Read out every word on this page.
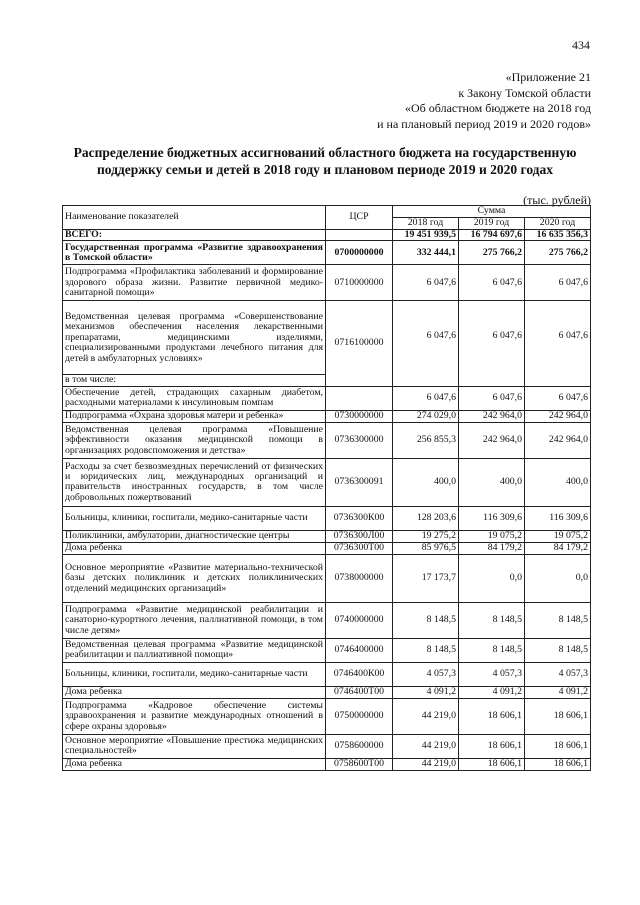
434
«Приложение 21
к Закону Томской области
«Об областном бюджете на 2018 год
и на плановый период 2019 и 2020 годов»
Распределение бюджетных ассигнований областного бюджета на государственную
поддержку семьи и детей в 2018 году и плановом периоде 2019 и 2020 годах
(тыс. рублей)
Наименование показателей	ЦСР	Сумма		
		2018 год	2019 год	2020 год
ВСЕГО:		19 451 939,5	16 794 697,6	16 635 356,3
Государственная программа «Развитие здравоохранения в Томской области»	0700000000	332 444,1	275 766,2	275 766,2
Подпрограмма «Профилактика заболеваний и формирование здорового образа жизни. Развитие первичной медико-санитарной помощи»	0710000000	6 047,6	6 047,6	6 047,6
Ведомственная целевая программа «Совершенствование механизмов обеспечения населения лекарственными препаратами, медицинскими изделиями, специализированными продуктами лечебного питания для детей в амбулаторных условиях»	0716100000	6 047,6	6 047,6	6 047,6
в том числе:				
Обеспечение детей, страдающих сахарным диабетом, расходными материалами к инсулиновым помпам		6 047,6	6 047,6	6 047,6
Подпрограмма «Охрана здоровья матери и ребенка»	0730000000	274 029,0	242 964,0	242 964,0
Ведомственная целевая программа «Повышение эффективности оказания медицинской помощи в организациях родовспоможения и детства»	0736300000	256 855,3	242 964,0	242 964,0
Расходы за счет безвозмездных перечислений от физических и юридических лиц, международных организаций и правительств иностранных государств, в том числе добровольных пожертвований	0736300091	400,0	400,0	400,0
Больницы, клиники, госпитали, медико-санитарные части	0736300К00	128 203,6	116 309,6	116 309,6
Поликлиники, амбулатории, диагностические центры	0736300Л00	19 275,2	19 075,2	19 075,2
Дома ребенка	0736300Т00	85 976,5	84 179,2	84 179,2
Основное мероприятие «Развитие материально-технической базы детских поликлиник и детских поликлинических отделений медицинских организаций»	0738000000	17 173,7	0,0	0,0
Подпрограмма «Развитие медицинской реабилитации и санаторно-курортного лечения, паллиативной помощи, в том числе детям»	0740000000	8 148,5	8 148,5	8 148,5
Ведомственная целевая программа «Развитие медицинской реабилитации и паллиативной помощи»	0746400000	8 148,5	8 148,5	8 148,5
Больницы, клиники, госпитали, медико-санитарные части	0746400К00	4 057,3	4 057,3	4 057,3
Дома ребенка	0746400Т00	4 091,2	4 091,2	4 091,2
Подпрограмма «Кадровое обеспечение системы здравоохранения и развитие международных отношений в сфере охраны здоровья»	0750000000	44 219,0	18 606,1	18 606,1
Основное мероприятие «Повышение престижа медицинских специальностей»	0758600000	44 219,0	18 606,1	18 606,1
Дома ребенка	0758600Т00	44 219,0	18 606,1	18 606,1
